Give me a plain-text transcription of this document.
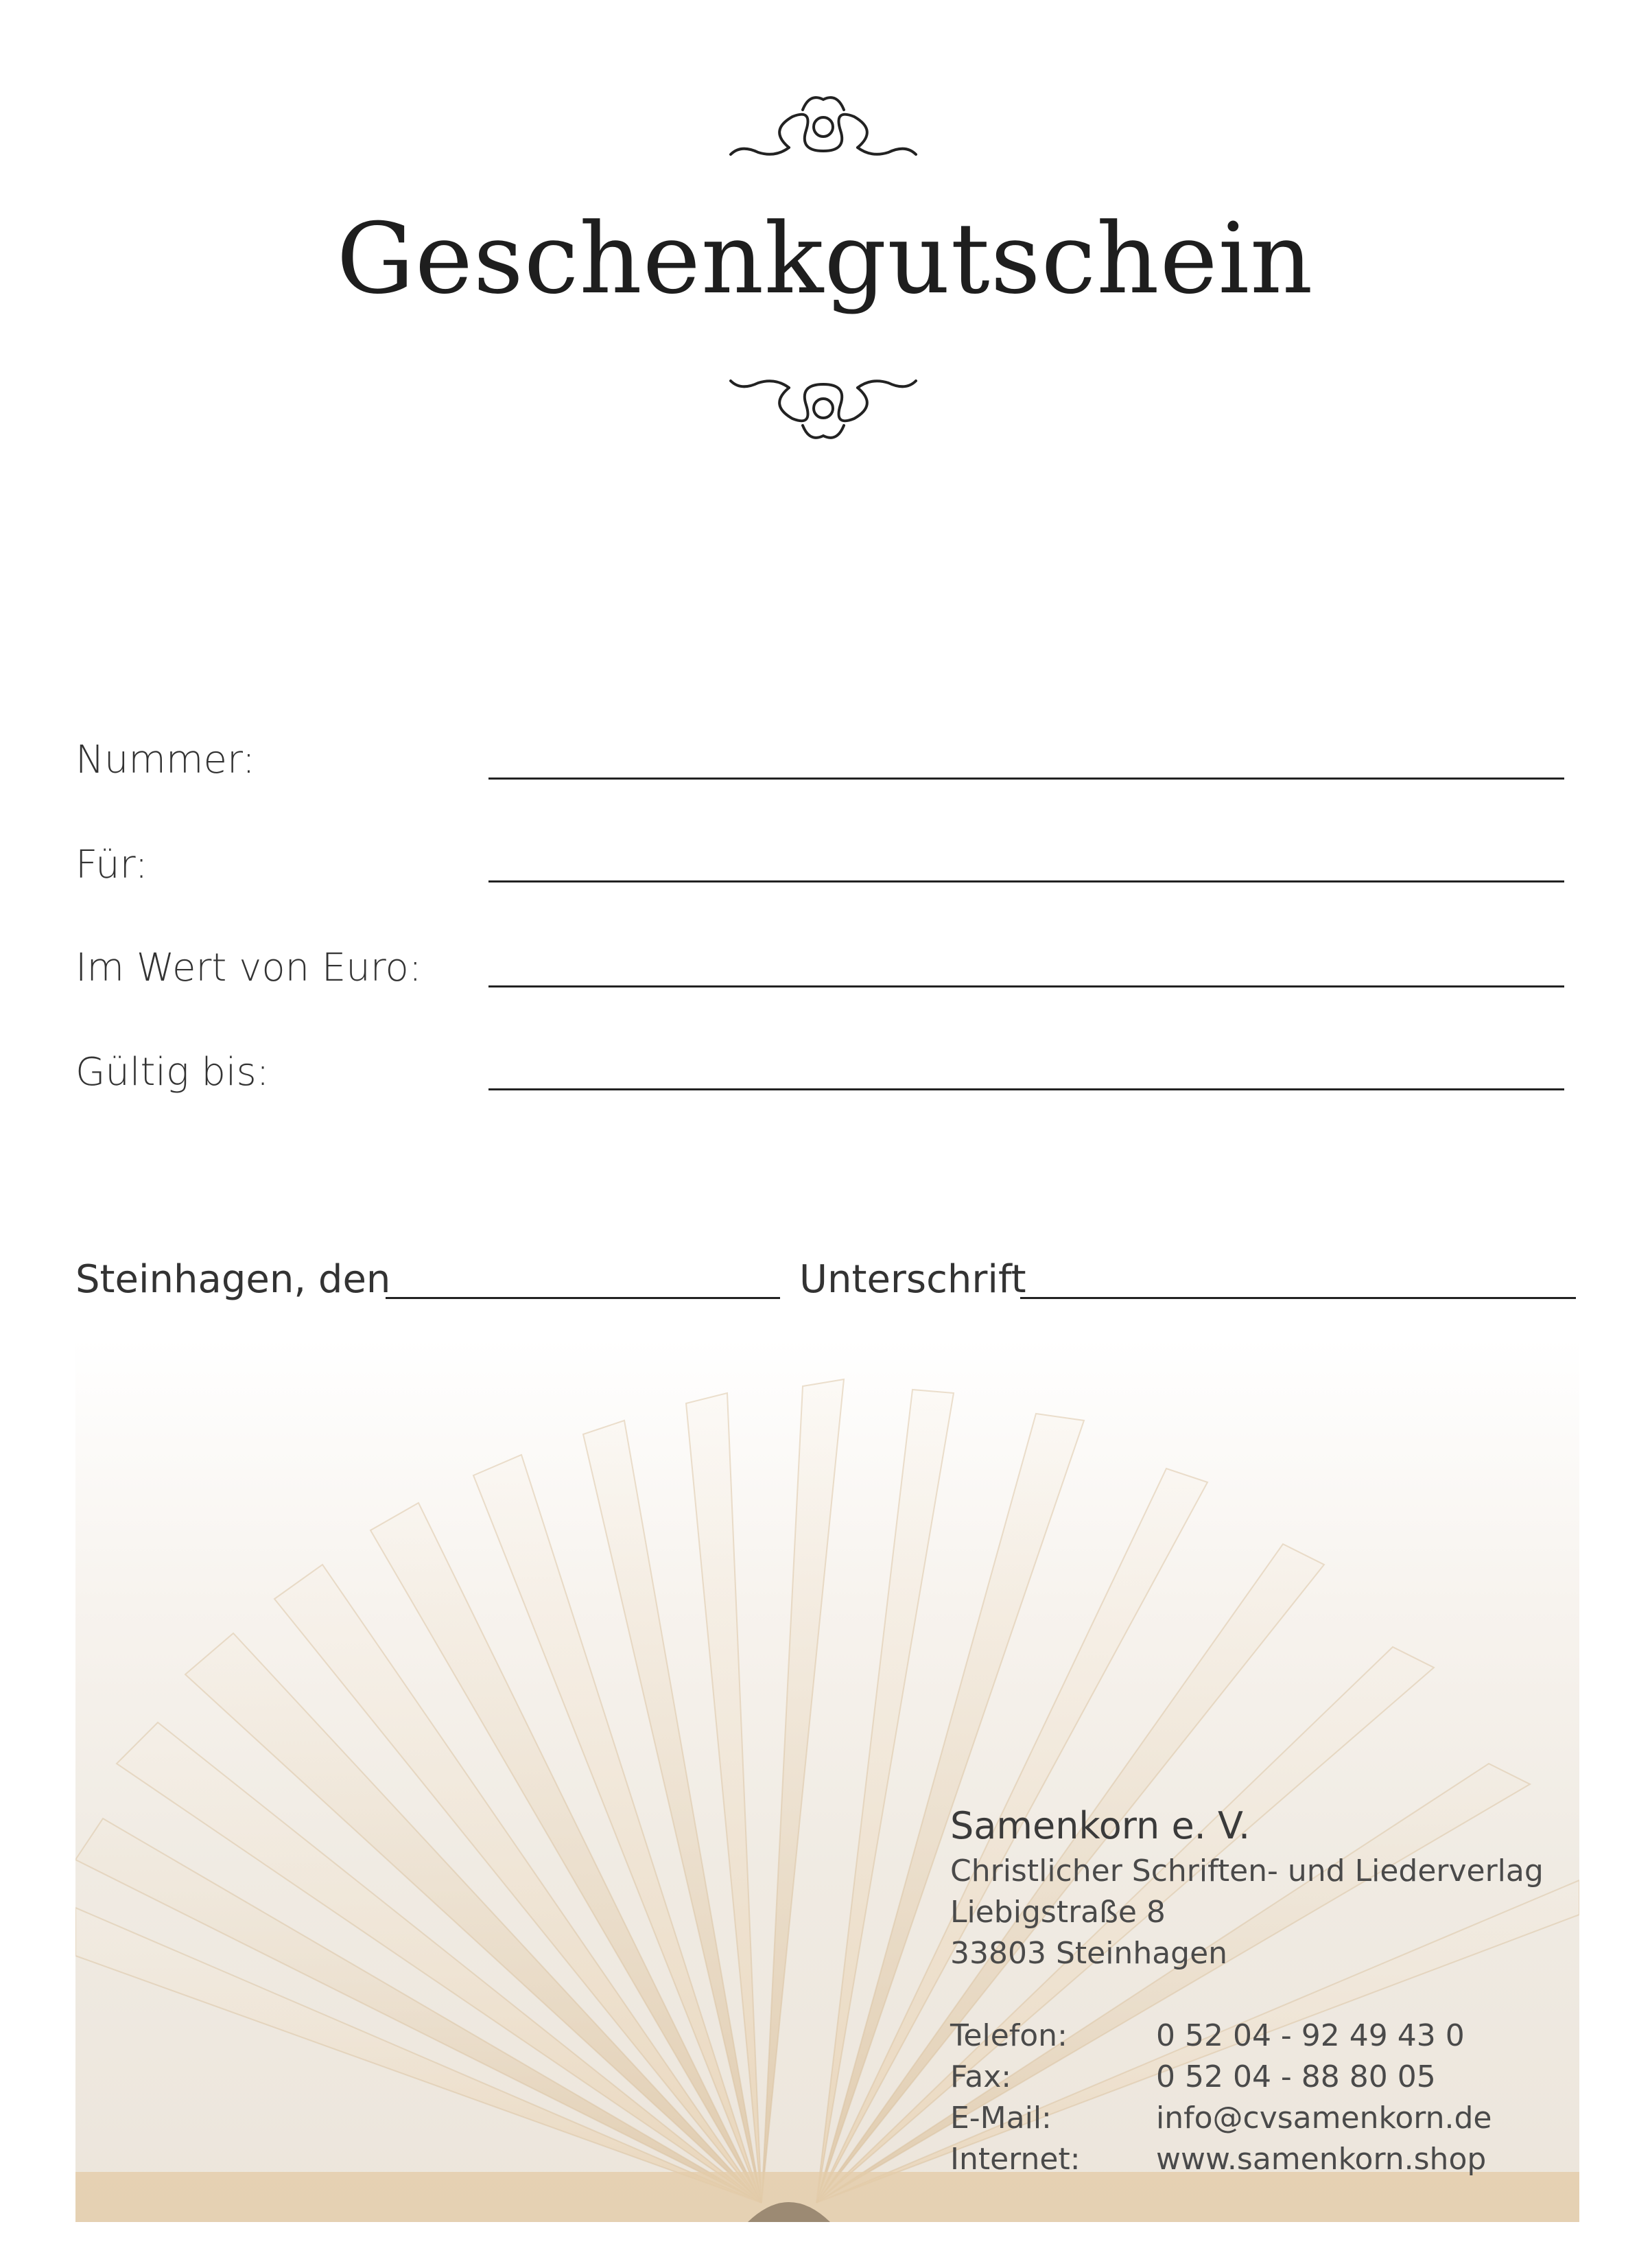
Geschenkgutschein
Nummer:
Für:
Im Wert von Euro:
Gültig bis:
Steinhagen, den	Unterschrift
Samenkorn e. V.
Christlicher Schriften- und Liederverlag
Liebigstraße 8
33803 Steinhagen
Telefon:	0 52 04 - 92 49 43 0
Fax:	0 52 04 - 88 80 05
E-Mail:	info@cvsamenkorn.de
Internet:	www.samenkorn.shop
